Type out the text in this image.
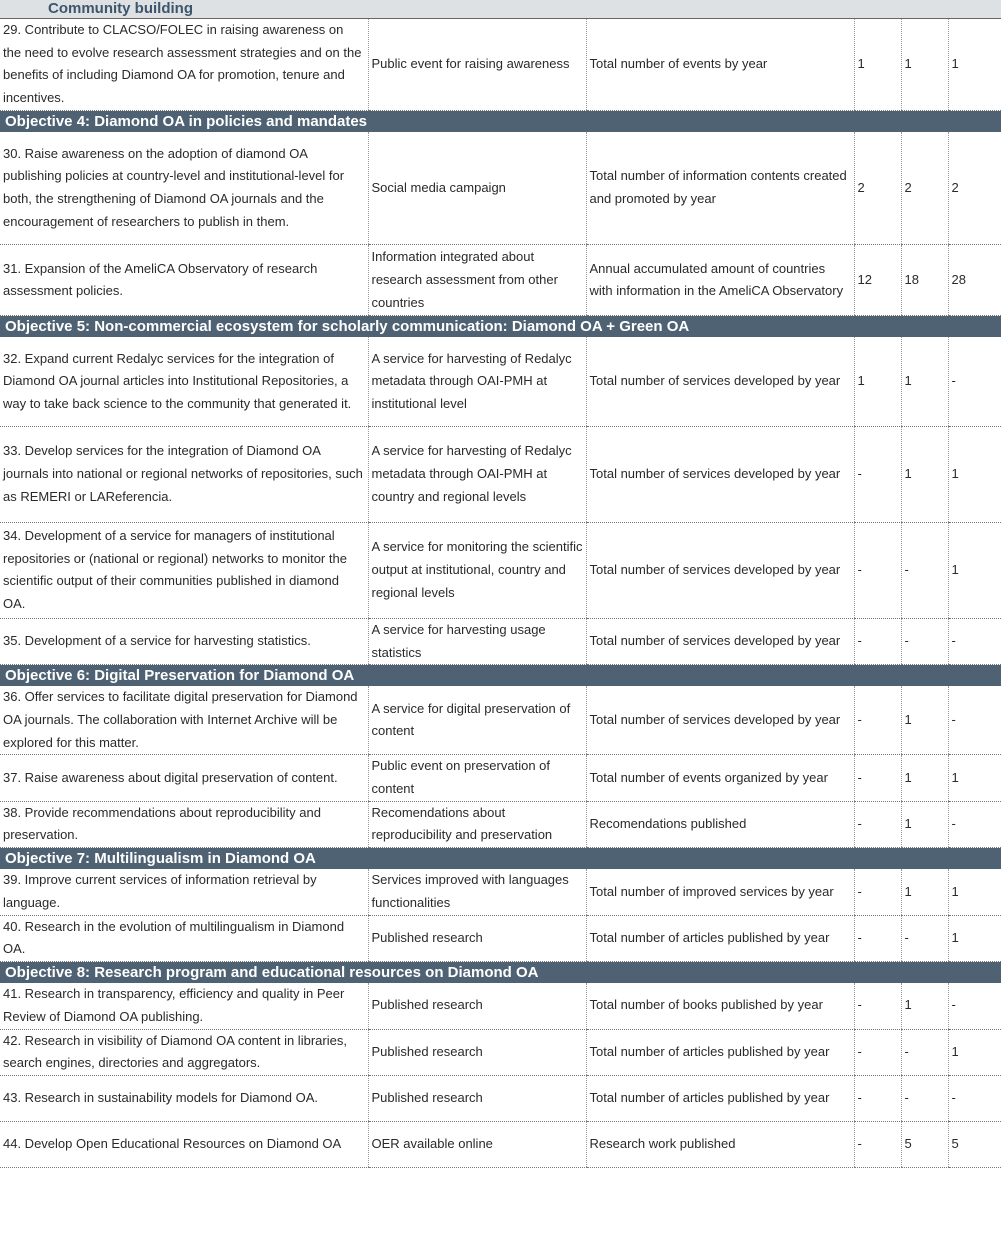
Community building					
29. Contribute to CLACSO/FOLEC in raising awareness on the need to evolve research assessment strategies and on the benefits of including Diamond OA for promotion, tenure and incentives.	Public event for raising awareness	Total number of events by year	1	1	1
Objective 4: Diamond OA in policies and mandates					
30. Raise awareness on the adoption of diamond OA publishing policies at country-level and institutional-level for both, the strengthening of Diamond OA journals and the encouragement of researchers to publish in them.	Social media campaign	Total number of information contents created and promoted by year	2	2	2
31. Expansion of the AmeliCA Observatory of research assessment policies.	Information integrated about research assessment from other countries	Annual accumulated amount of countries with information in the AmeliCA Observatory	12	18	28
Objective 5: Non-commercial ecosystem for scholarly communication: Diamond OA + Green OA					
32. Expand current Redalyc services for the integration of Diamond OA journal articles into Institutional Repositories, a way to take back science to the community that generated it.	A service for harvesting of Redalyc metadata through OAI-PMH at institutional level	Total number of services developed by year	1	1	-
33. Develop services for the integration of Diamond OA journals into national or regional networks of repositories, such as REMERI or LAReferencia.	A service for harvesting of Redalyc metadata through OAI-PMH at country and regional levels	Total number of services developed by year	-	1	1
34. Development of a service for managers of institutional repositories or (national or regional) networks to monitor the scientific output of their communities published in diamond OA.	A service for monitoring the scientific output at institutional, country and regional levels	Total number of services developed by year	-	-	1
35. Development of a service for harvesting statistics.	A service for harvesting usage statistics	Total number of services developed by year	-	-	-
Objective 6: Digital Preservation for Diamond OA					
36. Offer services to facilitate digital preservation for Diamond OA journals. The collaboration with Internet Archive will be explored for this matter.	A service for digital preservation of content	Total number of services developed by year	-	1	-
37. Raise awareness about digital preservation of content.	Public event on preservation of content	Total number of events organized by year	-	1	1
38. Provide recommendations about reproducibility and preservation.	Recomendations about reproducibility and preservation	Recomendations published	-	1	-
Objective 7: Multilingualism in Diamond OA					
39. Improve current services of information retrieval by language.	Services improved with languages functionalities	Total number of improved services by year	-	1	1
40. Research in the evolution of multilingualism in Diamond OA.	Published research	Total number of articles published by year	-	-	1
Objective 8: Research program and educational resources on Diamond OA					
41. Research in transparency, efficiency and quality in Peer Review of Diamond OA publishing.	Published research	Total number of books published by year	-	1	-
42. Research in visibility of Diamond OA content in libraries, search engines, directories and aggregators.	Published research	Total number of articles published by year	-	-	1
43. Research in sustainability models for Diamond OA.	Published research	Total number of articles published by year	-	-	-
44. Develop Open Educational Resources on Diamond OA	OER available online	Research work published	-	5	5
